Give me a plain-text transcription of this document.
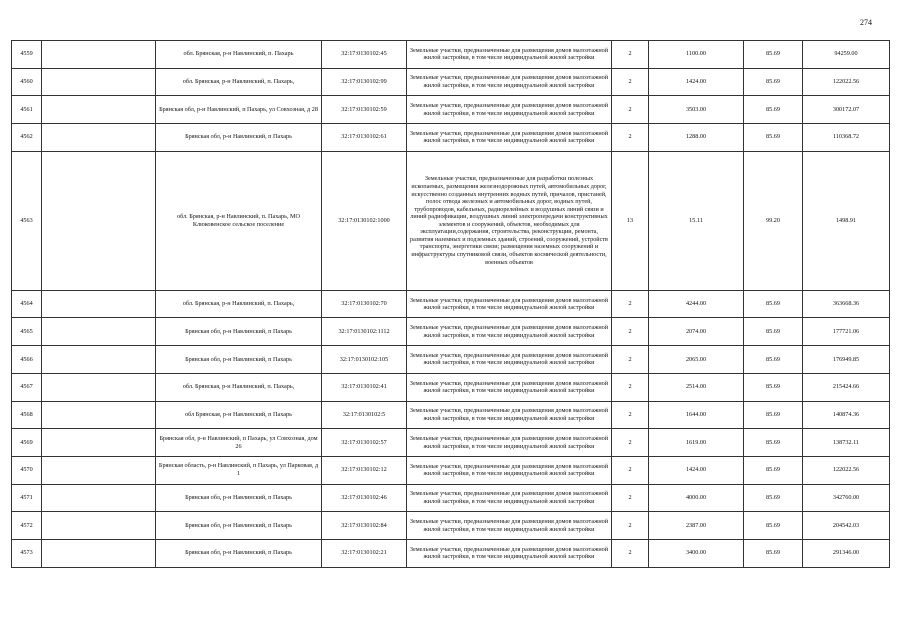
274
4559		обл. Брянская, р-н Навлинский, п. Пахарь	32:17:0130102:45	Земельные участки, предназначенные для размещения домов малоэтажной жилой застройки, в том числе индивидуальной жилой застройки	2	1100.00	85.69	94259.00
4560		обл. Брянская, р-н Навлинский, п. Пахарь,	32:17:0130102:99	Земельные участки, предназначенные для размещения домов малоэтажной жилой застройки, в том числе индивидуальной жилой застройки	2	1424.00	85.69	122022.56
4561		Брянская обл, р-н Навлинский, п Пахарь, ул Совхозная, д 28	32:17:0130102:59	Земельные участки, предназначенные для размещения домов малоэтажной жилой застройки, в том числе индивидуальной жилой застройки	2	3503.00	85.69	300172.07
4562		Брянская обл, р-н Навлинский, п Пахарь	32:17:0130102:61	Земельные участки, предназначенные для размещения домов малоэтажной жилой застройки, в том числе индивидуальной жилой застройки	2	1288.00	85.69	110368.72
4563		обл. Брянская, р-н Навлинский, п. Пахарь, МО Клюковенское сельское поселение	32:17:0130102:1000	Земельные участки, предназначенные для разработки полезных ископаемых, размещения железнодорожных путей, автомобильных дорог, искусственно созданных внутренних водных путей, причалов, пристаней, полос отвода железных и автомобильных дорог, водных путей, трубопроводов, кабельных, радиорелейных и воздушных линий связи и линий радиофикации, воздушных линий электропередачи конструктивных элементов и сооружений, объектов, необходимых для эксплуатации,содержания, строительства, реконструкции, ремонта, развития наземных и подземных зданий, строений, сооружений, устройств транспорта, энергетики связи; размещения наземных сооружений и инфраструктуры спутниковой связи, объектов космической деятельности, военных объектов	13	15.11	99.20	1498.91
4564		обл. Брянская, р-н Навлинский, п. Пахарь,	32:17:0130102:70	Земельные участки, предназначенные для размещения домов малоэтажной жилой застройки, в том числе индивидуальной жилой застройки	2	4244.00	85.69	363668.36
4565		Брянская обл, р-н Навлинский, п Пахарь	32:17:0130102:1112	Земельные участки, предназначенные для размещения домов малоэтажной жилой застройки, в том числе индивидуальной жилой застройки	2	2074.00	85.69	177721.06
4566		Брянская обл, р-н Навлинский, п Пахарь	32:17:0130102:105	Земельные участки, предназначенные для размещения домов малоэтажной жилой застройки, в том числе индивидуальной жилой застройки	2	2065.00	85.69	176949.85
4567		обл. Брянская, р-н Навлинский, п. Пахарь,	32:17:0130102:41	Земельные участки, предназначенные для размещения домов малоэтажной жилой застройки, в том числе индивидуальной жилой застройки	2	2514.00	85.69	215424.66
4568		обл Брянская, р-н Навлинский, п Пахарь	32:17:0130102:5	Земельные участки, предназначенные для размещения домов малоэтажной жилой застройки, в том числе индивидуальной жилой застройки	2	1644.00	85.69	140874.36
4569		Брянская обл, р-н Навлинский, п Пахарь, ул Совхозная, дом 26	32:17:0130102:57	Земельные участки, предназначенные для размещения домов малоэтажной жилой застройки, в том числе индивидуальной жилой застройки	2	1619.00	85.69	138732.11
4570		Брянская область, р-н Навлинский, п Пахарь, ул Парковая, д 1	32:17:0130102:12	Земельные участки, предназначенные для размещения домов малоэтажной жилой застройки, в том числе индивидуальной жилой застройки	2	1424.00	85.69	122022.56
4571		Брянская обл, р-н Навлинский, п Пахарь	32:17:0130102:46	Земельные участки, предназначенные для размещения домов малоэтажной жилой застройки, в том числе индивидуальной жилой застройки	2	4000.00	85.69	342760.00
4572		Брянская обл, р-н Навлинский, п Пахарь	32:17:0130102:84	Земельные участки, предназначенные для размещения домов малоэтажной жилой застройки, в том числе индивидуальной жилой застройки	2	2387.00	85.69	204542.03
4573		Брянская обл, р-н Навлинский, п Пахарь	32:17:0130102:21	Земельные участки, предназначенные для размещения домов малоэтажной жилой застройки, в том числе индивидуальной жилой застройки	2	3400.00	85.69	291346.00
